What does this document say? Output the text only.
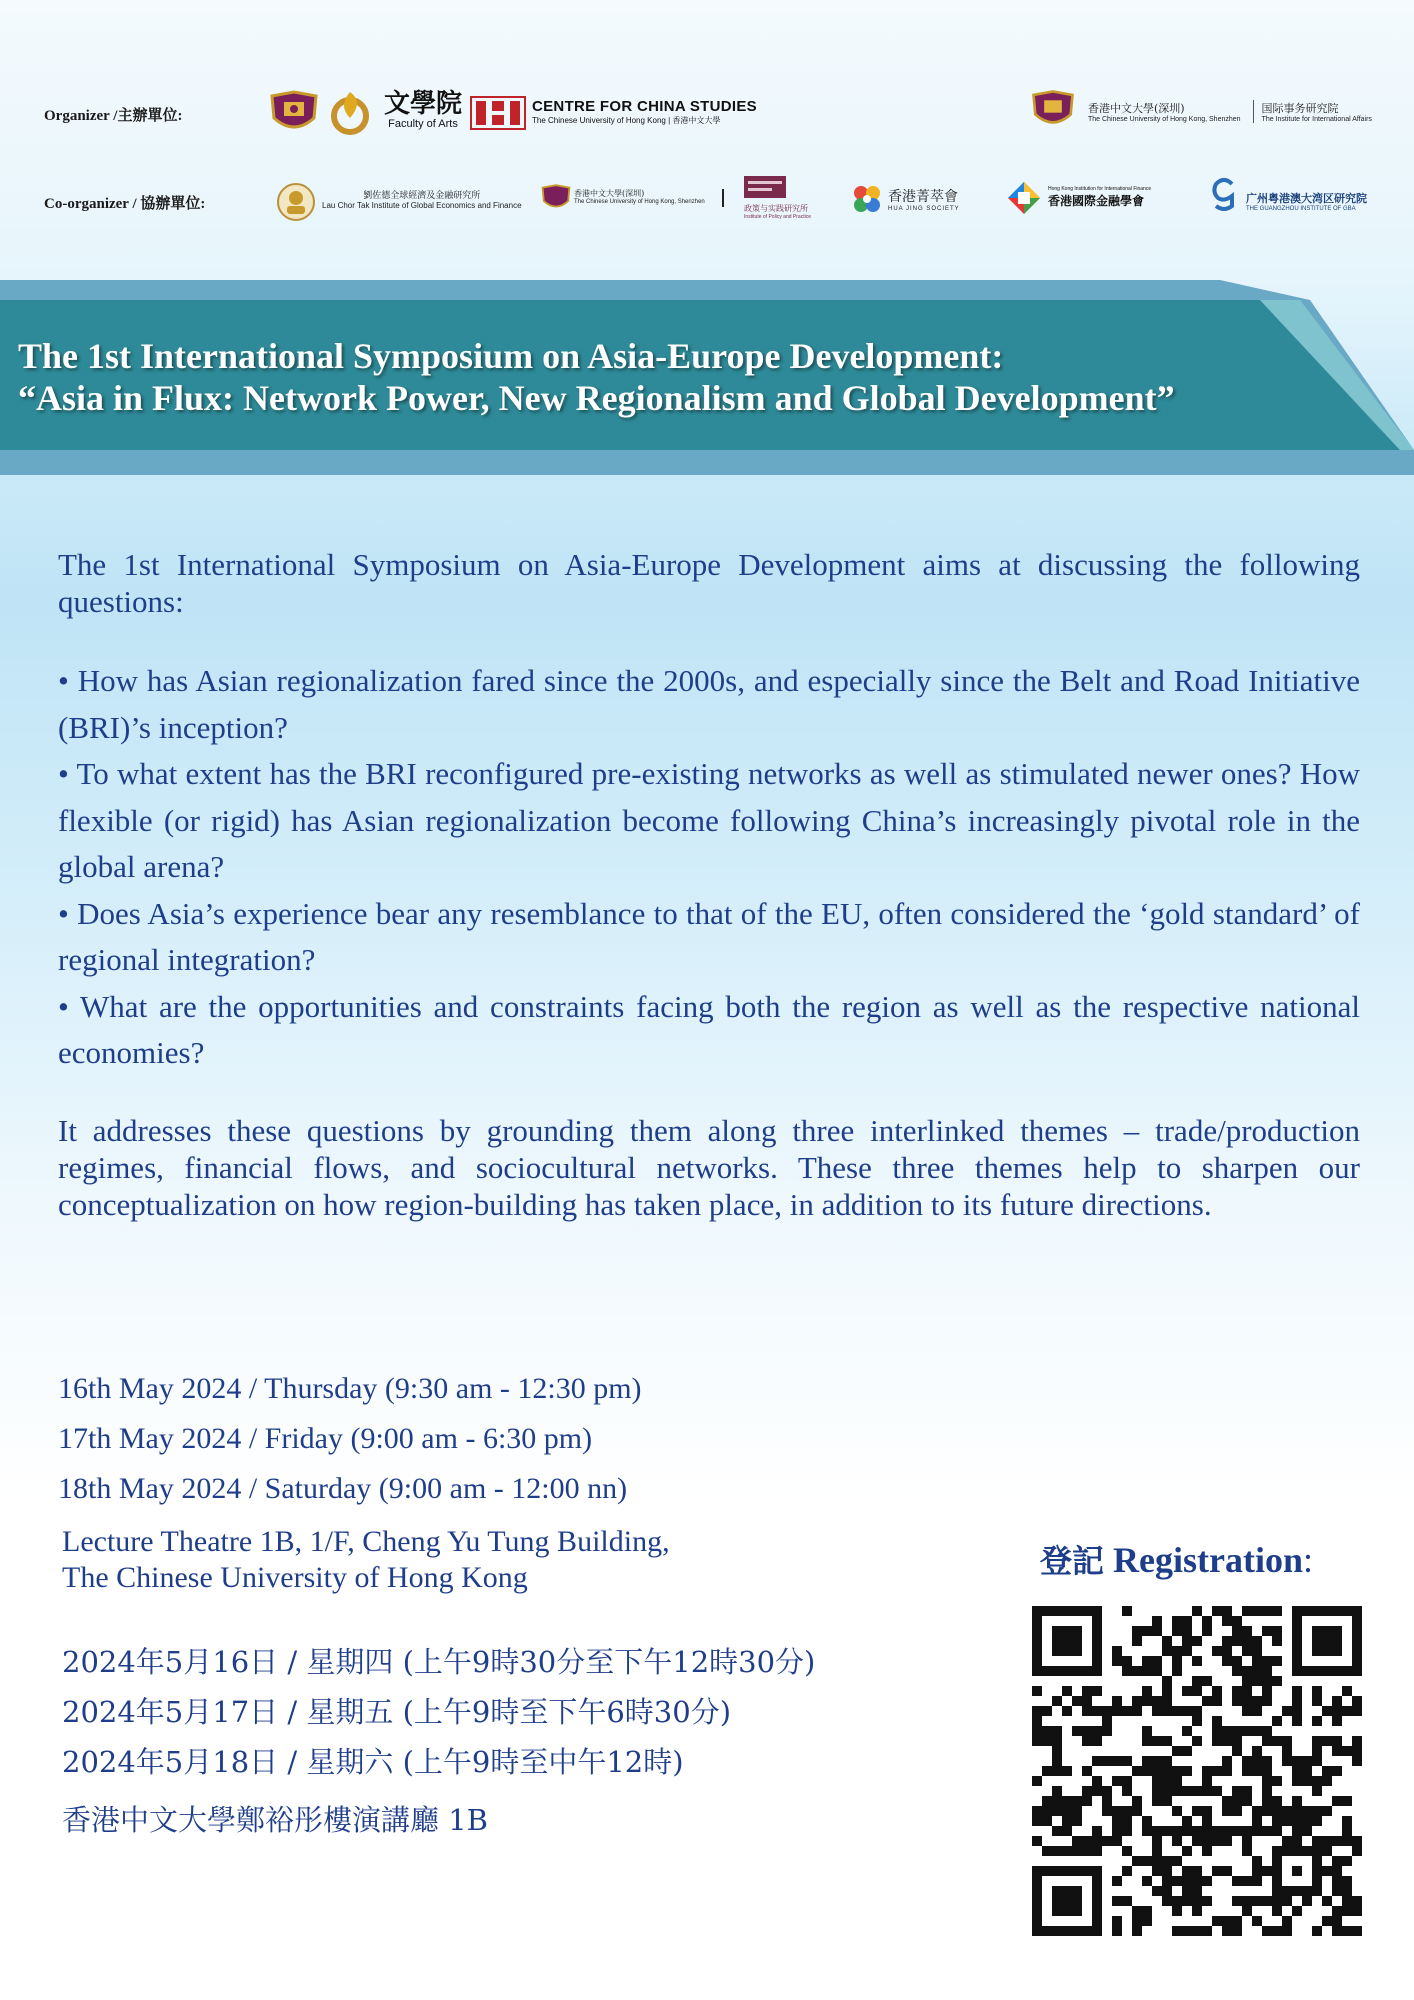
Organizer /主辦單位:
Co-organizer / 協辦單位:
文學院
Faculty of Arts
CENTRE FOR CHINA STUDIES
The Chinese University of Hong Kong | 香港中文大學
香港中文大學(深圳)
The Chinese University of Hong Kong, Shenzhen
国际事务研究院
The Institute for International Affairs
劉佐德全球經濟及金融研究所
Lau Chor Tak Institute of Global Economics and Finance
香港中文大學(深圳)
The Chinese University of Hong Kong, Shenzhen
政策与实践研究所
Institute of Policy and Practice
香港菁萃會
HUA JING SOCIETY
Hong Kong Institution for International Finance
香港國際金融學會	广州粤港澳大湾区研究院
THE GUANGZHOU INSTITUTE OF GBA
The 1st International Symposium on Asia-Europe Development:
“Asia in Flux: Network Power, New Regionalism and Global Development”
The 1st International Symposium on Asia-Europe Development aims at discussing the following questions:

• How has Asian regionalization fared since the 2000s, and especially since the Belt and Road Initiative (BRI)’s inception?

• To what extent has the BRI reconfigured pre-existing networks as well as stimulated newer ones? How flexible (or rigid) has Asian regionalization become following China’s increasingly pivotal role in the global arena?

• Does Asia’s experience bear any resemblance to that of the EU, often considered the ‘gold standard’ of regional integration?

• What are the opportunities and constraints facing both the region as well as the respective national economies?

It addresses these questions by grounding them along three interlinked themes – trade/production regimes, financial flows, and sociocultural networks. These three themes help to sharpen our conceptualization on how region-building has taken place, in addition to its future directions.
16th May 2024 / Thursday (9:30 am - 12:30 pm)
17th May 2024 / Friday (9:00 am - 6:30 pm)
18th May 2024 / Saturday (9:00 am - 12:00 nn)
Lecture Theatre 1B, 1/F, Cheng Yu Tung Building,
The Chinese University of Hong Kong
2024年5月16日 / 星期四 (上午9時30分至下午12時30分)
2024年5月17日 / 星期五 (上午9時至下午6時30分)
2024年5月18日 / 星期六 (上午9時至中午12時)
香港中文大學鄭裕彤樓演講廳 1B
登記 Registration:
